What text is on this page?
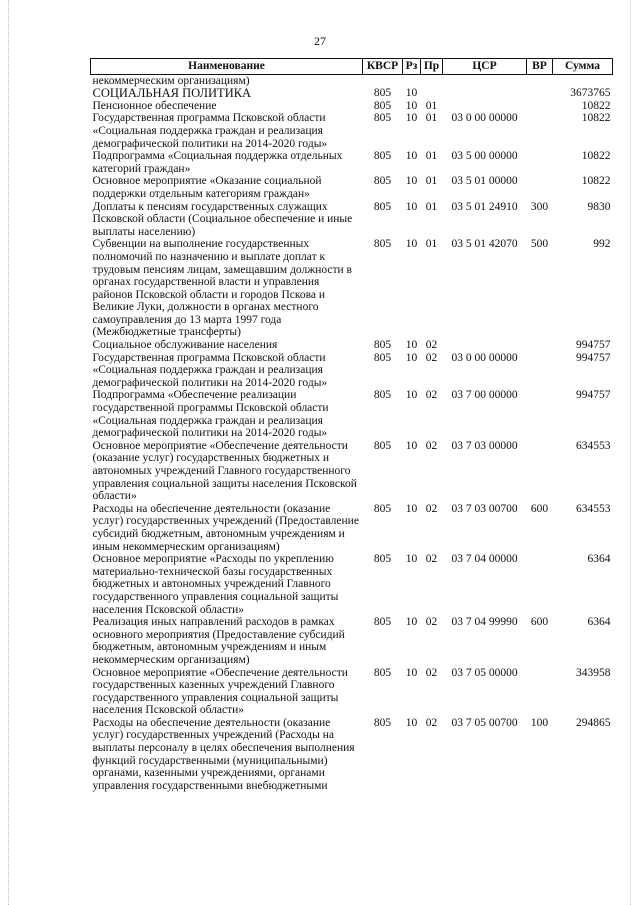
27
Наименование	КВСР	Рз	Пр	ЦСР	ВР	Сумма
некоммерческим организациям)						
СОЦИАЛЬНАЯ ПОЛИТИКА	805	10				3673765
Пенсионное обеспечение	805	10	01			10822
Государственная программа Псковской области «Социальная поддержка граждан и реализация демографической политики на 2014-2020 годы»	805	10	01	03 0 00 00000		10822
Подпрограмма «Социальная поддержка отдельных категорий граждан»	805	10	01	03 5 00 00000		10822
Основное мероприятие «Оказание социальной поддержки отдельным категориям граждан»	805	10	01	03 5 01 00000		10822
Доплаты к пенсиям государственных служащих Псковской области (Социальное обеспечение и иные выплаты населению)	805	10	01	03 5 01 24910	300	9830
Субвенции на выполнение государственных полномочий по назначению и выплате доплат к трудовым пенсиям лицам, замещавшим должности в органах государственной власти и управления районов Псковской области и городов Пскова и Великие Луки, должности в органах местного самоуправления до 13 марта 1997 года (Межбюджетные трансферты)	805	10	01	03 5 01 42070	500	992
Социальное обслуживание населения	805	10	02			994757
Государственная программа Псковской области «Социальная поддержка граждан и реализация демографической политики на 2014-2020 годы»	805	10	02	03 0 00 00000		994757
Подпрограмма «Обеспечение реализации государственной программы Псковской области «Социальная поддержка граждан и реализация демографической политики на 2014-2020 годы»	805	10	02	03 7 00 00000		994757
Основное мероприятие «Обеспечение деятельности (оказание услуг) государственных бюджетных и автономных учреждений Главного государственного управления социальной защиты населения Псковской области»	805	10	02	03 7 03 00000		634553
Расходы на обеспечение деятельности (оказание услуг) государственных учреждений (Предоставление субсидий бюджетным, автономным учреждениям и иным некоммерческим организациям)	805	10	02	03 7 03 00700	600	634553
Основное мероприятие «Расходы по укреплению материально-технической базы государственных бюджетных и автономных учреждений Главного государственного управления социальной защиты населения Псковской области»	805	10	02	03 7 04 00000		6364
Реализация иных направлений расходов в рамках основного мероприятия (Предоставление субсидий бюджетным, автономным учреждениям и иным некоммерческим организациям)	805	10	02	03 7 04 99990	600	6364
Основное мероприятие «Обеспечение деятельности государственных казенных учреждений Главного государственного управления социальной защиты населения Псковской области»	805	10	02	03 7 05 00000		343958
Расходы на обеспечение деятельности (оказание услуг) государственных учреждений (Расходы на выплаты персоналу в целях обеспечения выполнения функций государственными (муниципальными) органами, казенными учреждениями, органами управления государственными внебюджетными	805	10	02	03 7 05 00700	100	294865
